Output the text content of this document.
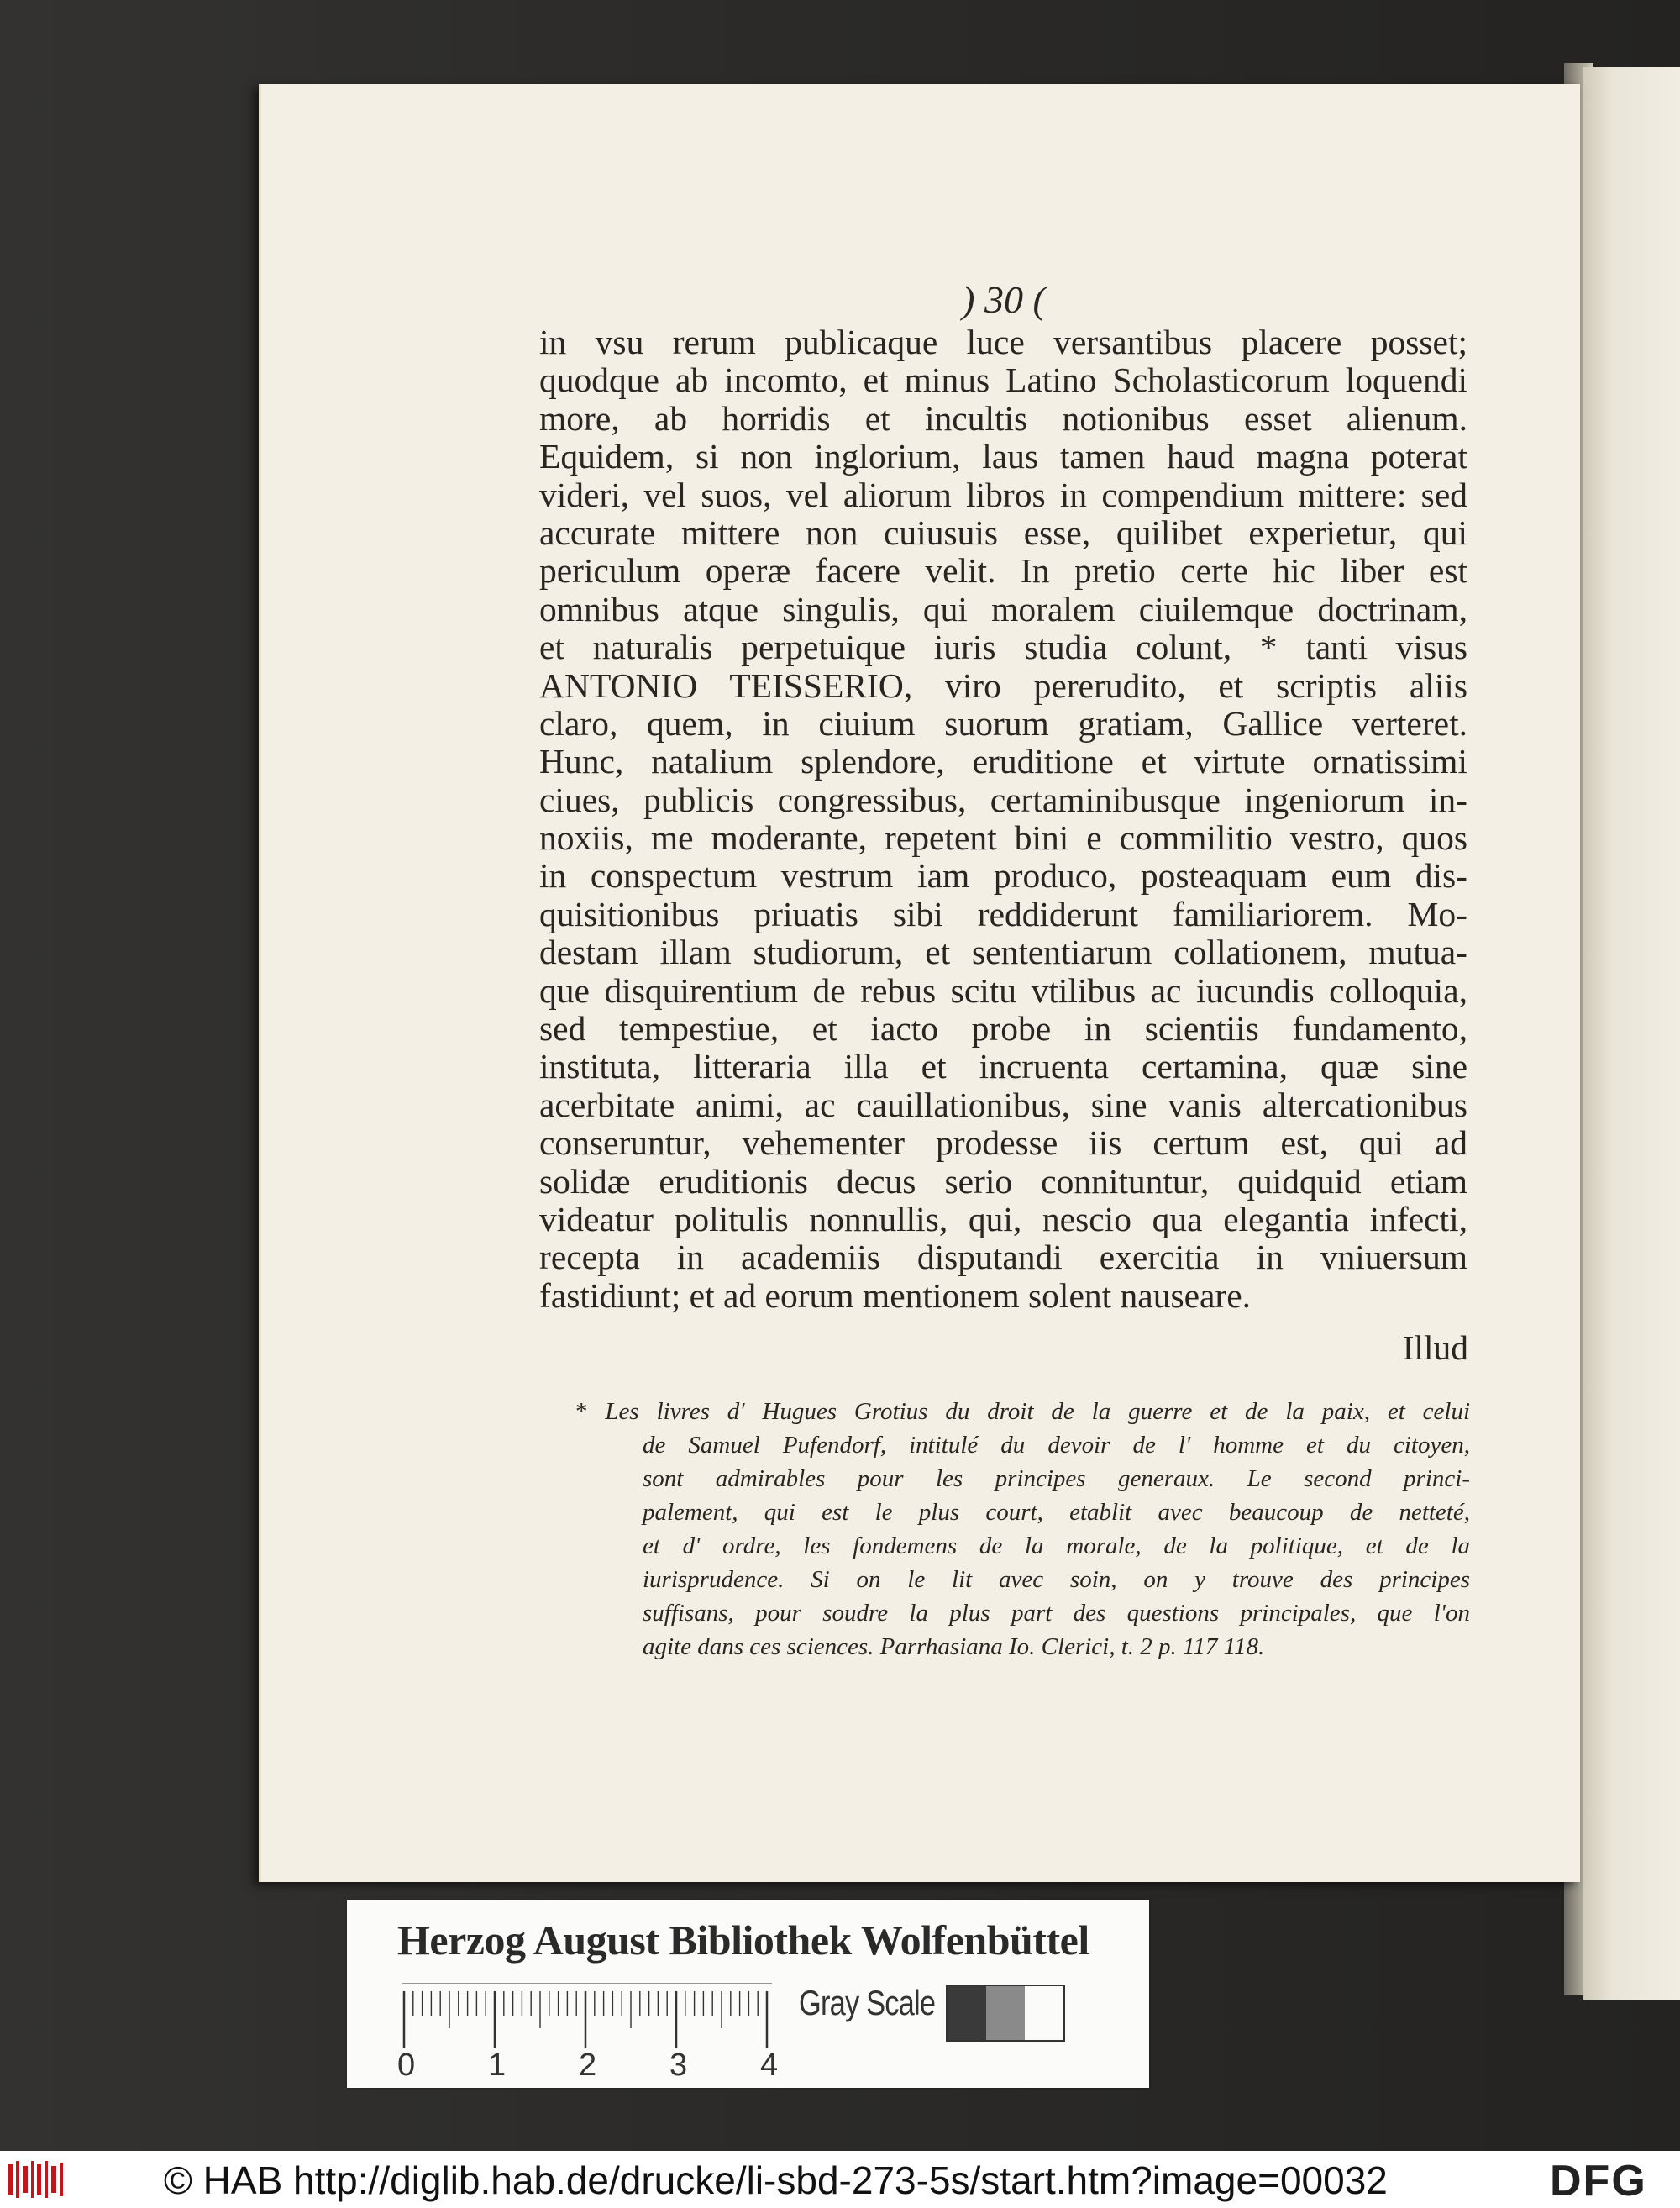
) 30 (
in vsu rerum publicaque luce versantibus placere posset;
quodque ab incomto, et minus Latino Scholasticorum loquendi
more, ab horridis et incultis notionibus esset alienum.
Equidem, si non inglorium, laus tamen haud magna poterat
videri, vel suos, vel aliorum libros in compendium mittere: sed
accurate mittere non cuiusuis esse, quilibet experietur, qui
periculum operæ facere velit. In pretio certe hic liber est
omnibus atque singulis, qui moralem ciuilemque doctrinam,
et naturalis perpetuique iuris studia colunt, * tanti visus
ANTONIO TEISSERIO, viro pereruditо, et scriptis aliis
claro, quem, in ciuium suorum gratiam, Gallice verteret.
Hunc, natalium splendore, eruditione et virtute ornatissimi
ciues, publicis congressibus, certaminibusque ingeniorum in-
noxiis, me moderante, repetent bini e commilitio vestro, quos
in conspectum vestrum iam produco, posteaquam eum dis-
quisitionibus priuatis sibi reddiderunt familiariorem. Mo-
destam illam studiorum, et sententiarum collationem, mutua-
que disquirentium de rebus scitu vtilibus ac iucundis colloquia,
sed tempestiue, et iacto probe in scientiis fundamento,
instituta, litteraria illa et incruenta certamina, quæ sine
acerbitate animi, ac cauillationibus, sine vanis altercationibus
conseruntur, vehementer prodesse iis certum est, qui ad
solidæ eruditionis decus serio connituntur, quidquid etiam
videatur politulis nonnullis, qui, nescio qua elegantia infecti,
recepta in academiis disputandi exercitia in vniuersum
fastidiunt; et ad eorum mentionem solent nauseare.
Illud
* Les livres d' Hugues Grotius du droit de la guerre et de la paix, et celui
de Samuel Pufendorf, intitulé du devoir de l' homme et du citoyen,
sont admirables pour les principes generaux. Le second princi-
palement, qui est le plus court, etablit avec beaucoup de netteté,
et d' ordre, les fondemens de la morale, de la politique, et de la
iurisprudence. Si on le lit avec soin, on y trouve des principes
suffisans, pour soudre la plus part des questions principales, que l'on
agite dans ces sciences. Parrhasiana Io. Clerici, t. 2 p. 117 118.
Herzog August Bibliothek Wolfenbüttel
Gray Scale
0 1 2 3 4
© HAB http://diglib.hab.de/drucke/li-sbd-273-5s/start.htm?image=00032	DFG
